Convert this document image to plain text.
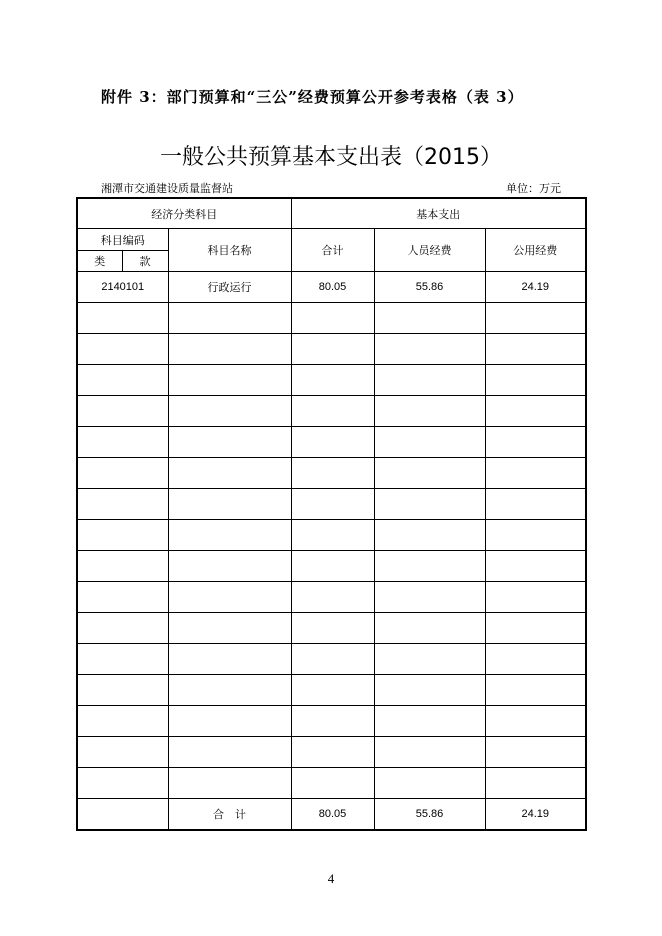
附件 3：部门预算和“三公”经费预算公开参考表格（表 3）
一般公共预算基本支出表（2015）
湘潭市交通建设质量监督站	单位：万元
经济分类科目			基本支出		
科目编码		科目名称	合计	人员经费	公用经费
类	款				
2140101		行政运行	80.05	55.86	24.19

		合　计	80.05	55.86	24.19
4
